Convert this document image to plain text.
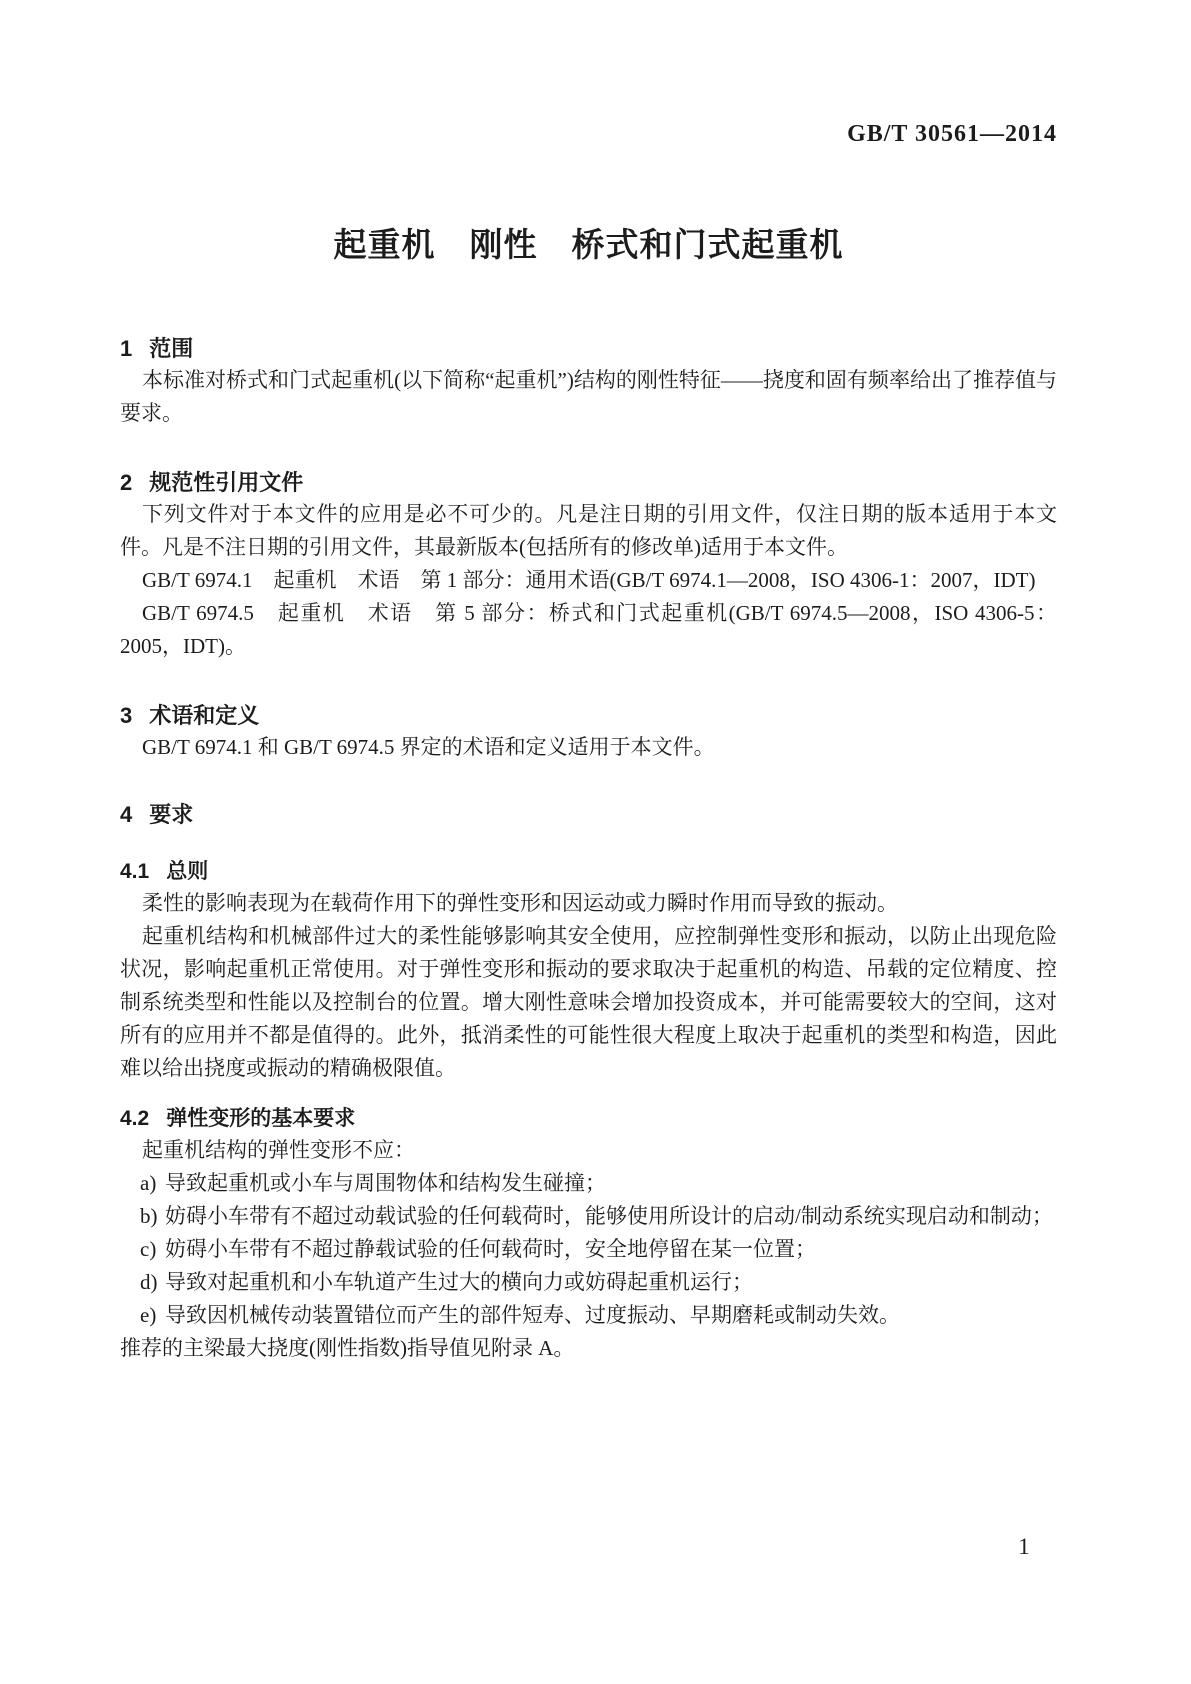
GB/T 30561—2014
起重机　刚性　桥式和门式起重机
1 范围

本标准对桥式和门式起重机(以下简称“起重机”)结构的刚性特征——挠度和固有频率给出了推荐值与要求。

2 规范性引用文件

下列文件对于本文件的应用是必不可少的。凡是注日期的引用文件，仅注日期的版本适用于本文件。凡是不注日期的引用文件，其最新版本(包括所有的修改单)适用于本文件。

GB/T 6974.1　起重机　术语　第 1 部分：通用术语(GB/T 6974.1—2008，ISO 4306-1：2007，IDT)

GB/T 6974.5　起重机　术语　第 5 部分：桥式和门式起重机(GB/T 6974.5—2008，ISO 4306-5：2005，IDT)。

3 术语和定义

GB/T 6974.1 和 GB/T 6974.5 界定的术语和定义适用于本文件。

4 要求
4.1 总则

柔性的影响表现为在载荷作用下的弹性变形和因运动或力瞬时作用而导致的振动。

起重机结构和机械部件过大的柔性能够影响其安全使用，应控制弹性变形和振动，以防止出现危险状况，影响起重机正常使用。对于弹性变形和振动的要求取决于起重机的构造、吊载的定位精度、控制系统类型和性能以及控制台的位置。增大刚性意味会增加投资成本，并可能需要较大的空间，这对所有的应用并不都是值得的。此外，抵消柔性的可能性很大程度上取决于起重机的类型和构造，因此难以给出挠度或振动的精确极限值。

4.2 弹性变形的基本要求

起重机结构的弹性变形不应：

a) 导致起重机或小车与周围物体和结构发生碰撞；
b) 妨碍小车带有不超过动载试验的任何载荷时，能够使用所设计的启动/制动系统实现启动和制动；
c) 妨碍小车带有不超过静载试验的任何载荷时，安全地停留在某一位置；
d) 导致对起重机和小车轨道产生过大的横向力或妨碍起重机运行；
e) 导致因机械传动装置错位而产生的部件短寿、过度振动、早期磨耗或制动失效。

推荐的主梁最大挠度(刚性指数)指导值见附录 A。

1
